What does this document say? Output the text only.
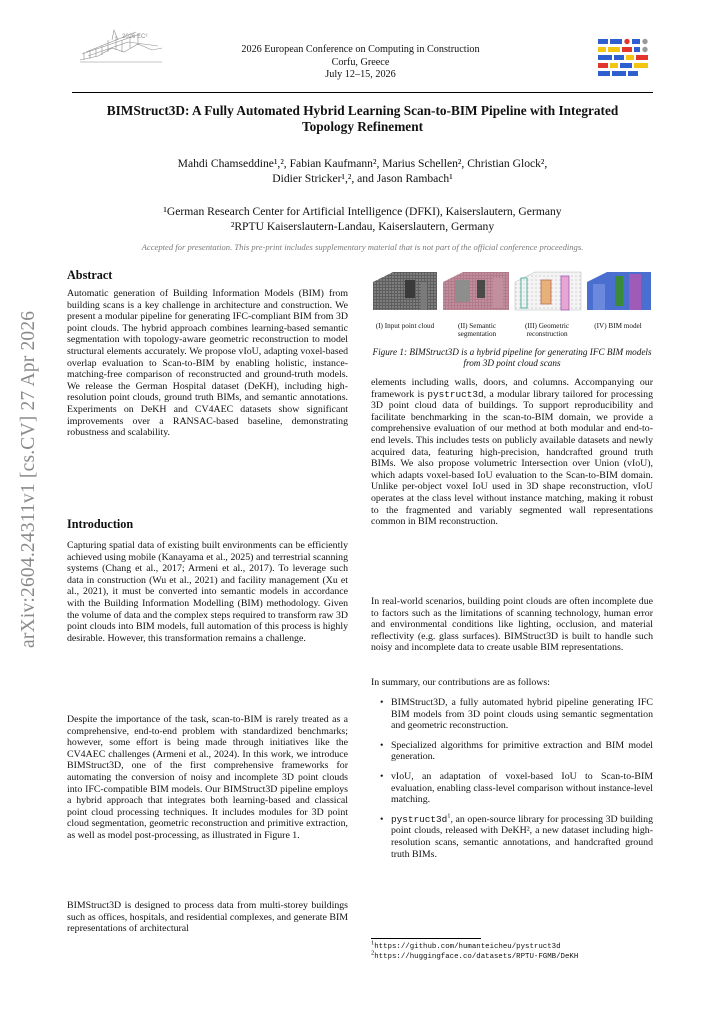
2026 EC³
2026 European Conference on Computing in Construction
Corfu, Greece
July 12–15, 2026
BIMStruct3D: A Fully Automated Hybrid Learning Scan-to-BIM Pipeline with Integrated
Topology Refinement
Mahdi Chamseddine¹,², Fabian Kaufmann², Marius Schellen², Christian Glock²,
Didier Stricker¹,², and Jason Rambach¹
¹German Research Center for Artificial Intelligence (DFKI), Kaiserslautern, Germany
²RPTU Kaiserslautern-Landau, Kaiserslautern, Germany
Accepted for presentation. This pre-print includes supplementary material that is not part of the official conference proceedings.
arXiv:2604.24311v1 [cs.CV] 27 Apr 2026
Abstract
Automatic generation of Building Information Models (BIM) from building scans is a key challenge in architecture and construction. We present a modular pipeline for generating IFC-compliant BIM from 3D point clouds. The hybrid approach combines learning-based semantic segmentation with topology-aware geometric reconstruction to model structural elements accurately. We propose vIoU, adapting voxel-based overlap evaluation to Scan-to-BIM by enabling holistic, instance-matching-free comparison of reconstructed and ground-truth models. We release the German Hospital dataset (DeKH), including high-resolution point clouds, ground truth BIMs, and semantic annotations. Experiments on DeKH and CV4AEC datasets show significant improvements over a RANSAC-based baseline, demonstrating robustness and scalability.
Introduction
Capturing spatial data of existing built environments can be efficiently achieved using mobile (Kanayama et al., 2025) and terrestrial scanning systems (Chang et al., 2017; Armeni et al., 2017). To leverage such data in construction (Wu et al., 2021) and facility management (Xu et al., 2021), it must be converted into semantic models in accordance with the Building Information Modelling (BIM) methodology. Given the volume of data and the complex steps required to transform raw 3D point clouds into BIM models, full automation of this process is highly desirable. However, this transformation remains a challenge.
Despite the importance of the task, scan-to-BIM is rarely treated as a comprehensive, end-to-end problem with standardized benchmarks; however, some effort is being made through initiatives like the CV4AEC challenges (Armeni et al., 2024). In this work, we introduce BIMStruct3D, one of the first comprehensive frameworks for automating the conversion of noisy and incomplete 3D point clouds into IFC-compatible BIM models. Our BIMStruct3D pipeline employs a hybrid approach that integrates both learning-based and classical point cloud processing techniques. It includes modules for 3D point cloud segmentation, geometric reconstruction and primitive extraction, as well as model post-processing, as illustrated in Figure 1.
BIMStruct3D is designed to process data from multi-storey buildings such as offices, hospitals, and residential complexes, and generate BIM representations of architectural
(I) Input point cloud	(II) Semantic segmentation
(III) Geometric reconstruction
(IV) BIM model
Figure 1: BIMStruct3D is a hybrid pipeline for generating IFC BIM models from 3D point cloud scans
elements including walls, doors, and columns. Accompanying our framework is pystruct3d, a modular library tailored for processing 3D point cloud data of buildings. To support reproducibility and facilitate benchmarking in the scan-to-BIM domain, we provide a comprehensive evaluation of our method at both modular and end-to-end levels. This includes tests on publicly available datasets and newly acquired data, featuring high-precision, handcrafted ground truth BIMs. We also propose volumetric Intersection over Union (vIoU), which adapts voxel-based IoU evaluation to the Scan-to-BIM domain. Unlike per-object voxel IoU used in 3D shape reconstruction, vIoU operates at the class level without instance matching, making it robust to the fragmented and variably segmented wall representations common in BIM reconstruction.
In real-world scenarios, building point clouds are often incomplete due to factors such as the limitations of scanning technology, human error and environmental conditions like lighting, occlusion, and material reflectivity (e.g. glass surfaces). BIMStruct3D is built to handle such noisy and incomplete data to create usable BIM representations.
In summary, our contributions are as follows:
• BIMStruct3D, a fully automated hybrid pipeline generating IFC BIM models from 3D point clouds using semantic segmentation and geometric reconstruction.
• Specialized algorithms for primitive extraction and BIM model generation.
• vIoU, an adaptation of voxel-based IoU to Scan-to-BIM evaluation, enabling class-level comparison without instance-level matching.
• $pystruct3d^1$, an open-source library for processing 3D building point clouds, released with DeKH², a new dataset including high-resolution scans, semantic annotations, and handcrafted ground truth BIMs.
$^1$https://github.com/humanteicheu/pystruct3d
$^2$https://huggingface.co/datasets/RPTU-FGMB/DeKH
